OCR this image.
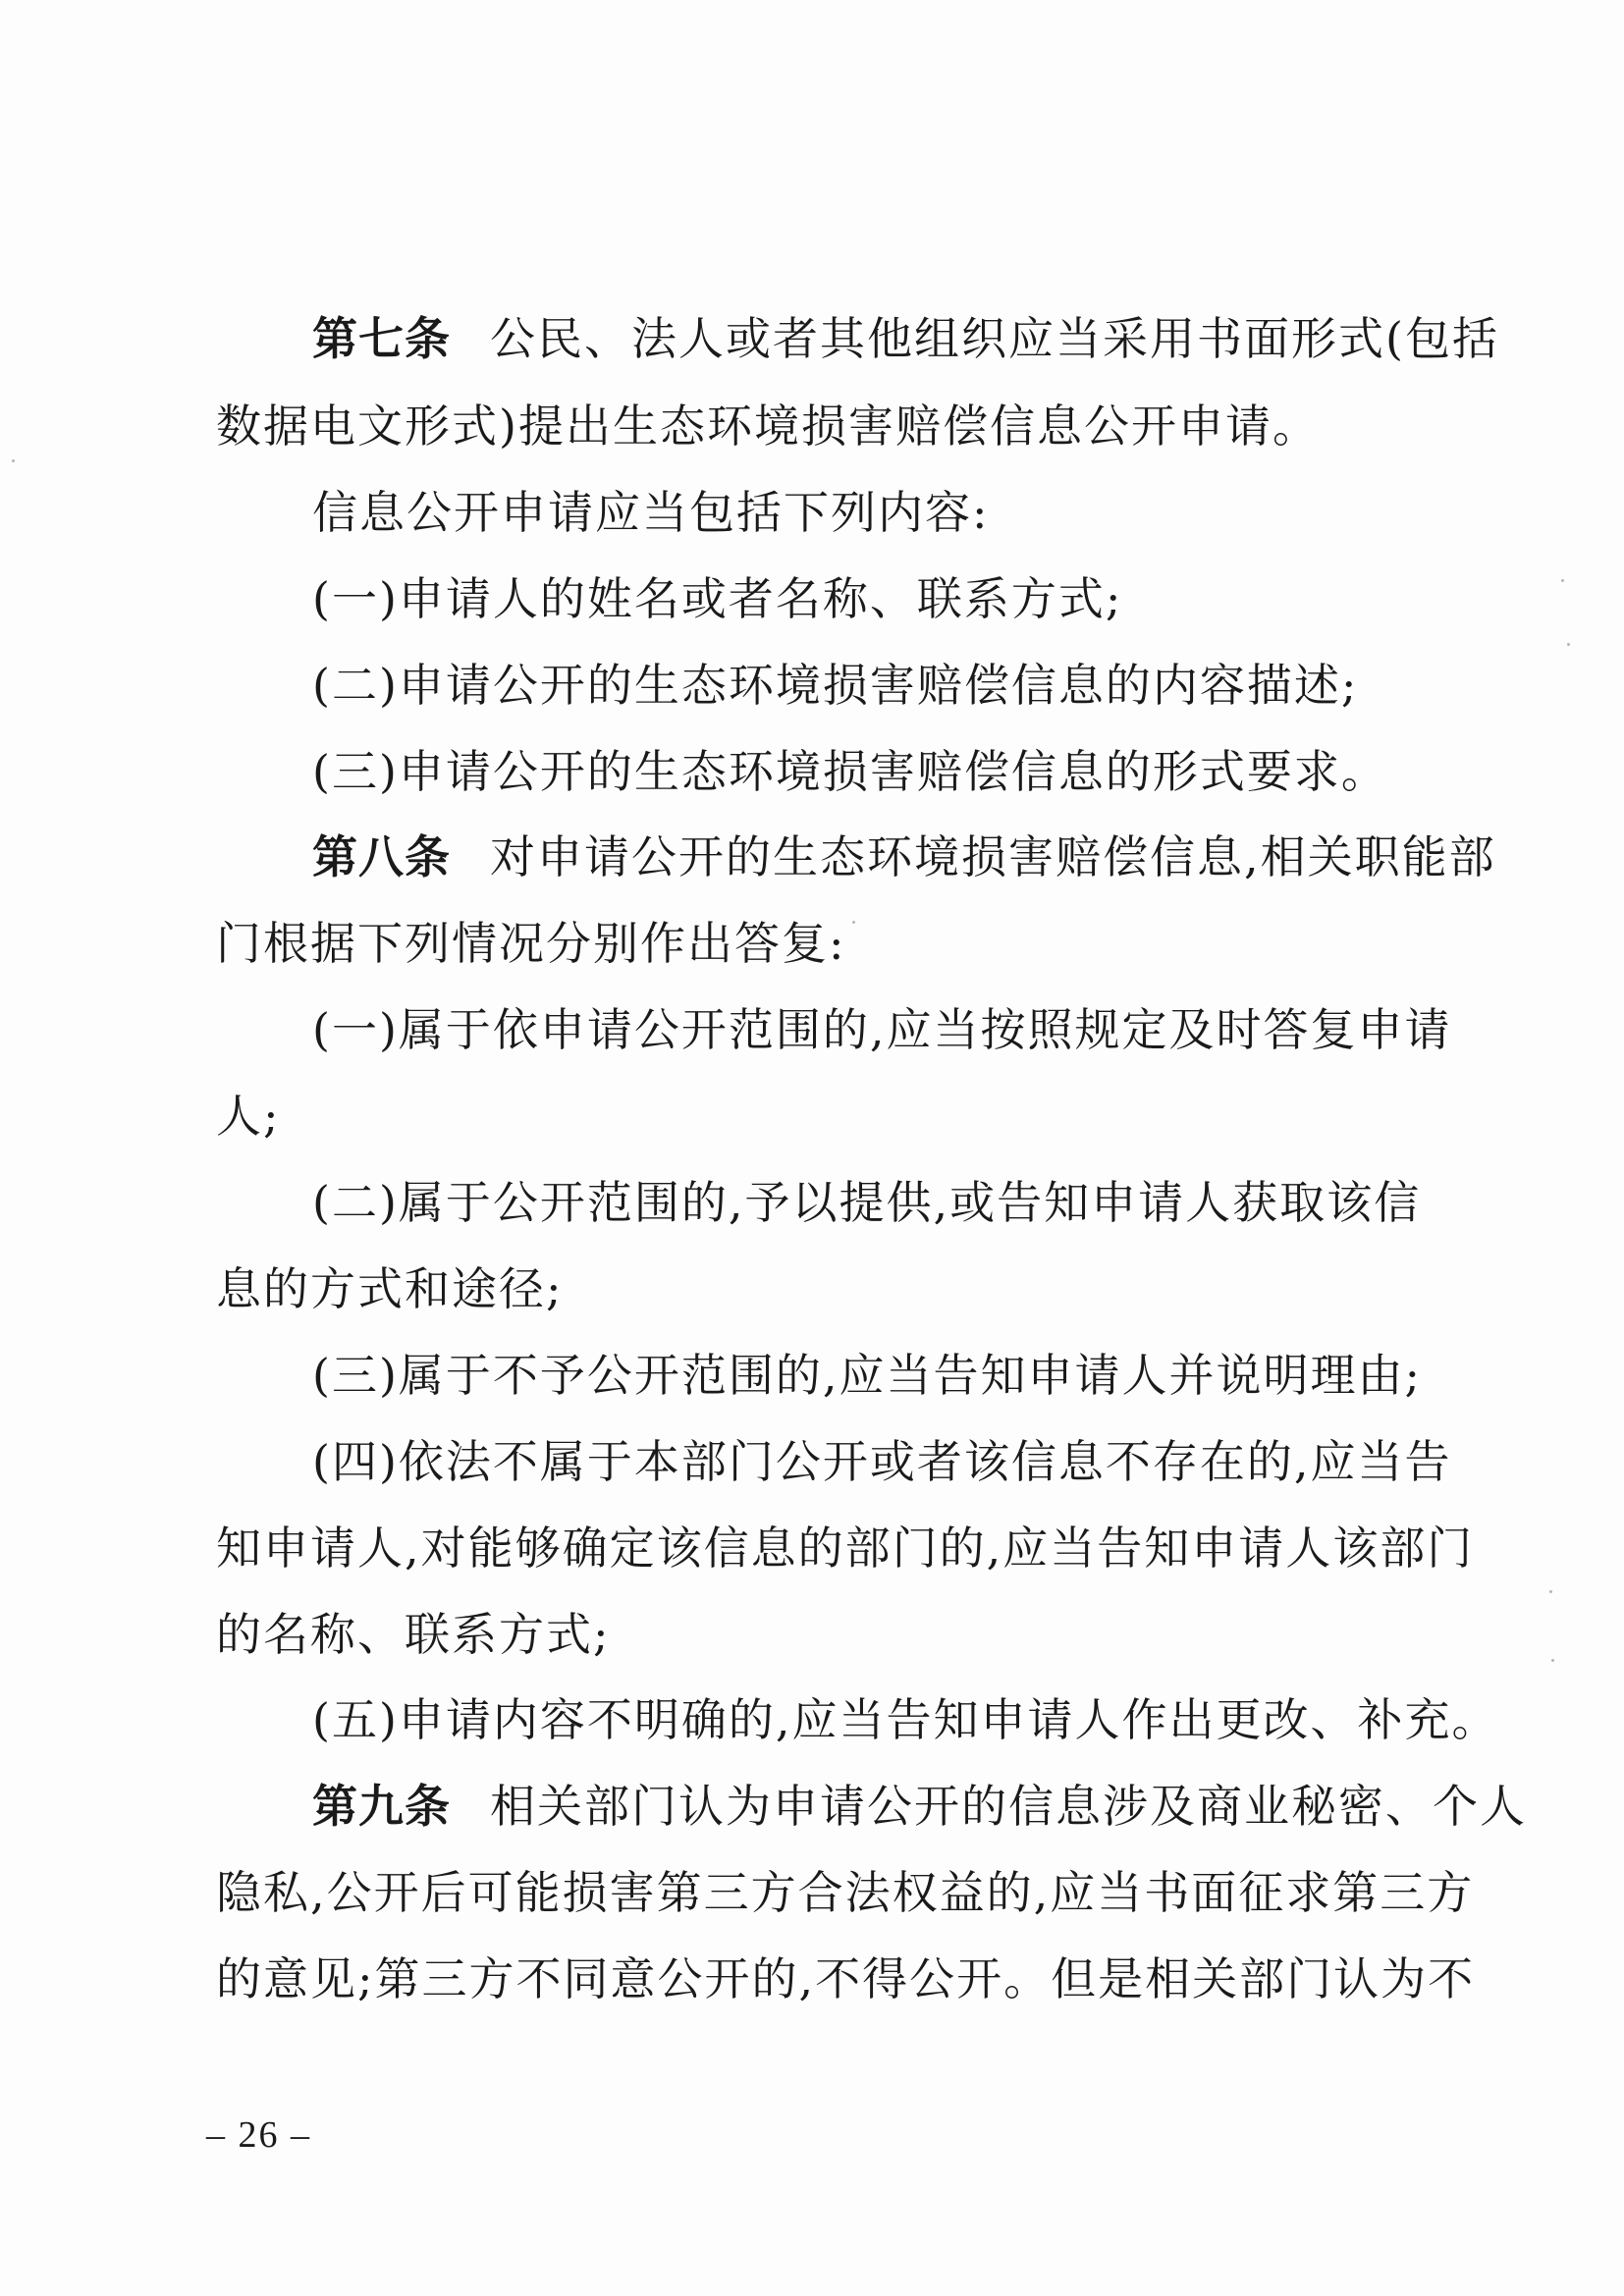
第七条 公民、法人或者其他组织应当采用书面形式(包括
数据电文形式)提出生态环境损害赔偿信息公开申请。
信息公开申请应当包括下列内容:
(一)申请人的姓名或者名称、联系方式;
(二)申请公开的生态环境损害赔偿信息的内容描述;
(三)申请公开的生态环境损害赔偿信息的形式要求。
第八条 对申请公开的生态环境损害赔偿信息,相关职能部
门根据下列情况分别作出答复:
(一)属于依申请公开范围的,应当按照规定及时答复申请
人;
(二)属于公开范围的,予以提供,或告知申请人获取该信
息的方式和途径;
(三)属于不予公开范围的,应当告知申请人并说明理由;
(四)依法不属于本部门公开或者该信息不存在的,应当告
知申请人,对能够确定该信息的部门的,应当告知申请人该部门
的名称、联系方式;
(五)申请内容不明确的,应当告知申请人作出更改、补充。
第九条 相关部门认为申请公开的信息涉及商业秘密、个人
隐私,公开后可能损害第三方合法权益的,应当书面征求第三方
的意见;第三方不同意公开的,不得公开。但是相关部门认为不
– 26 –
